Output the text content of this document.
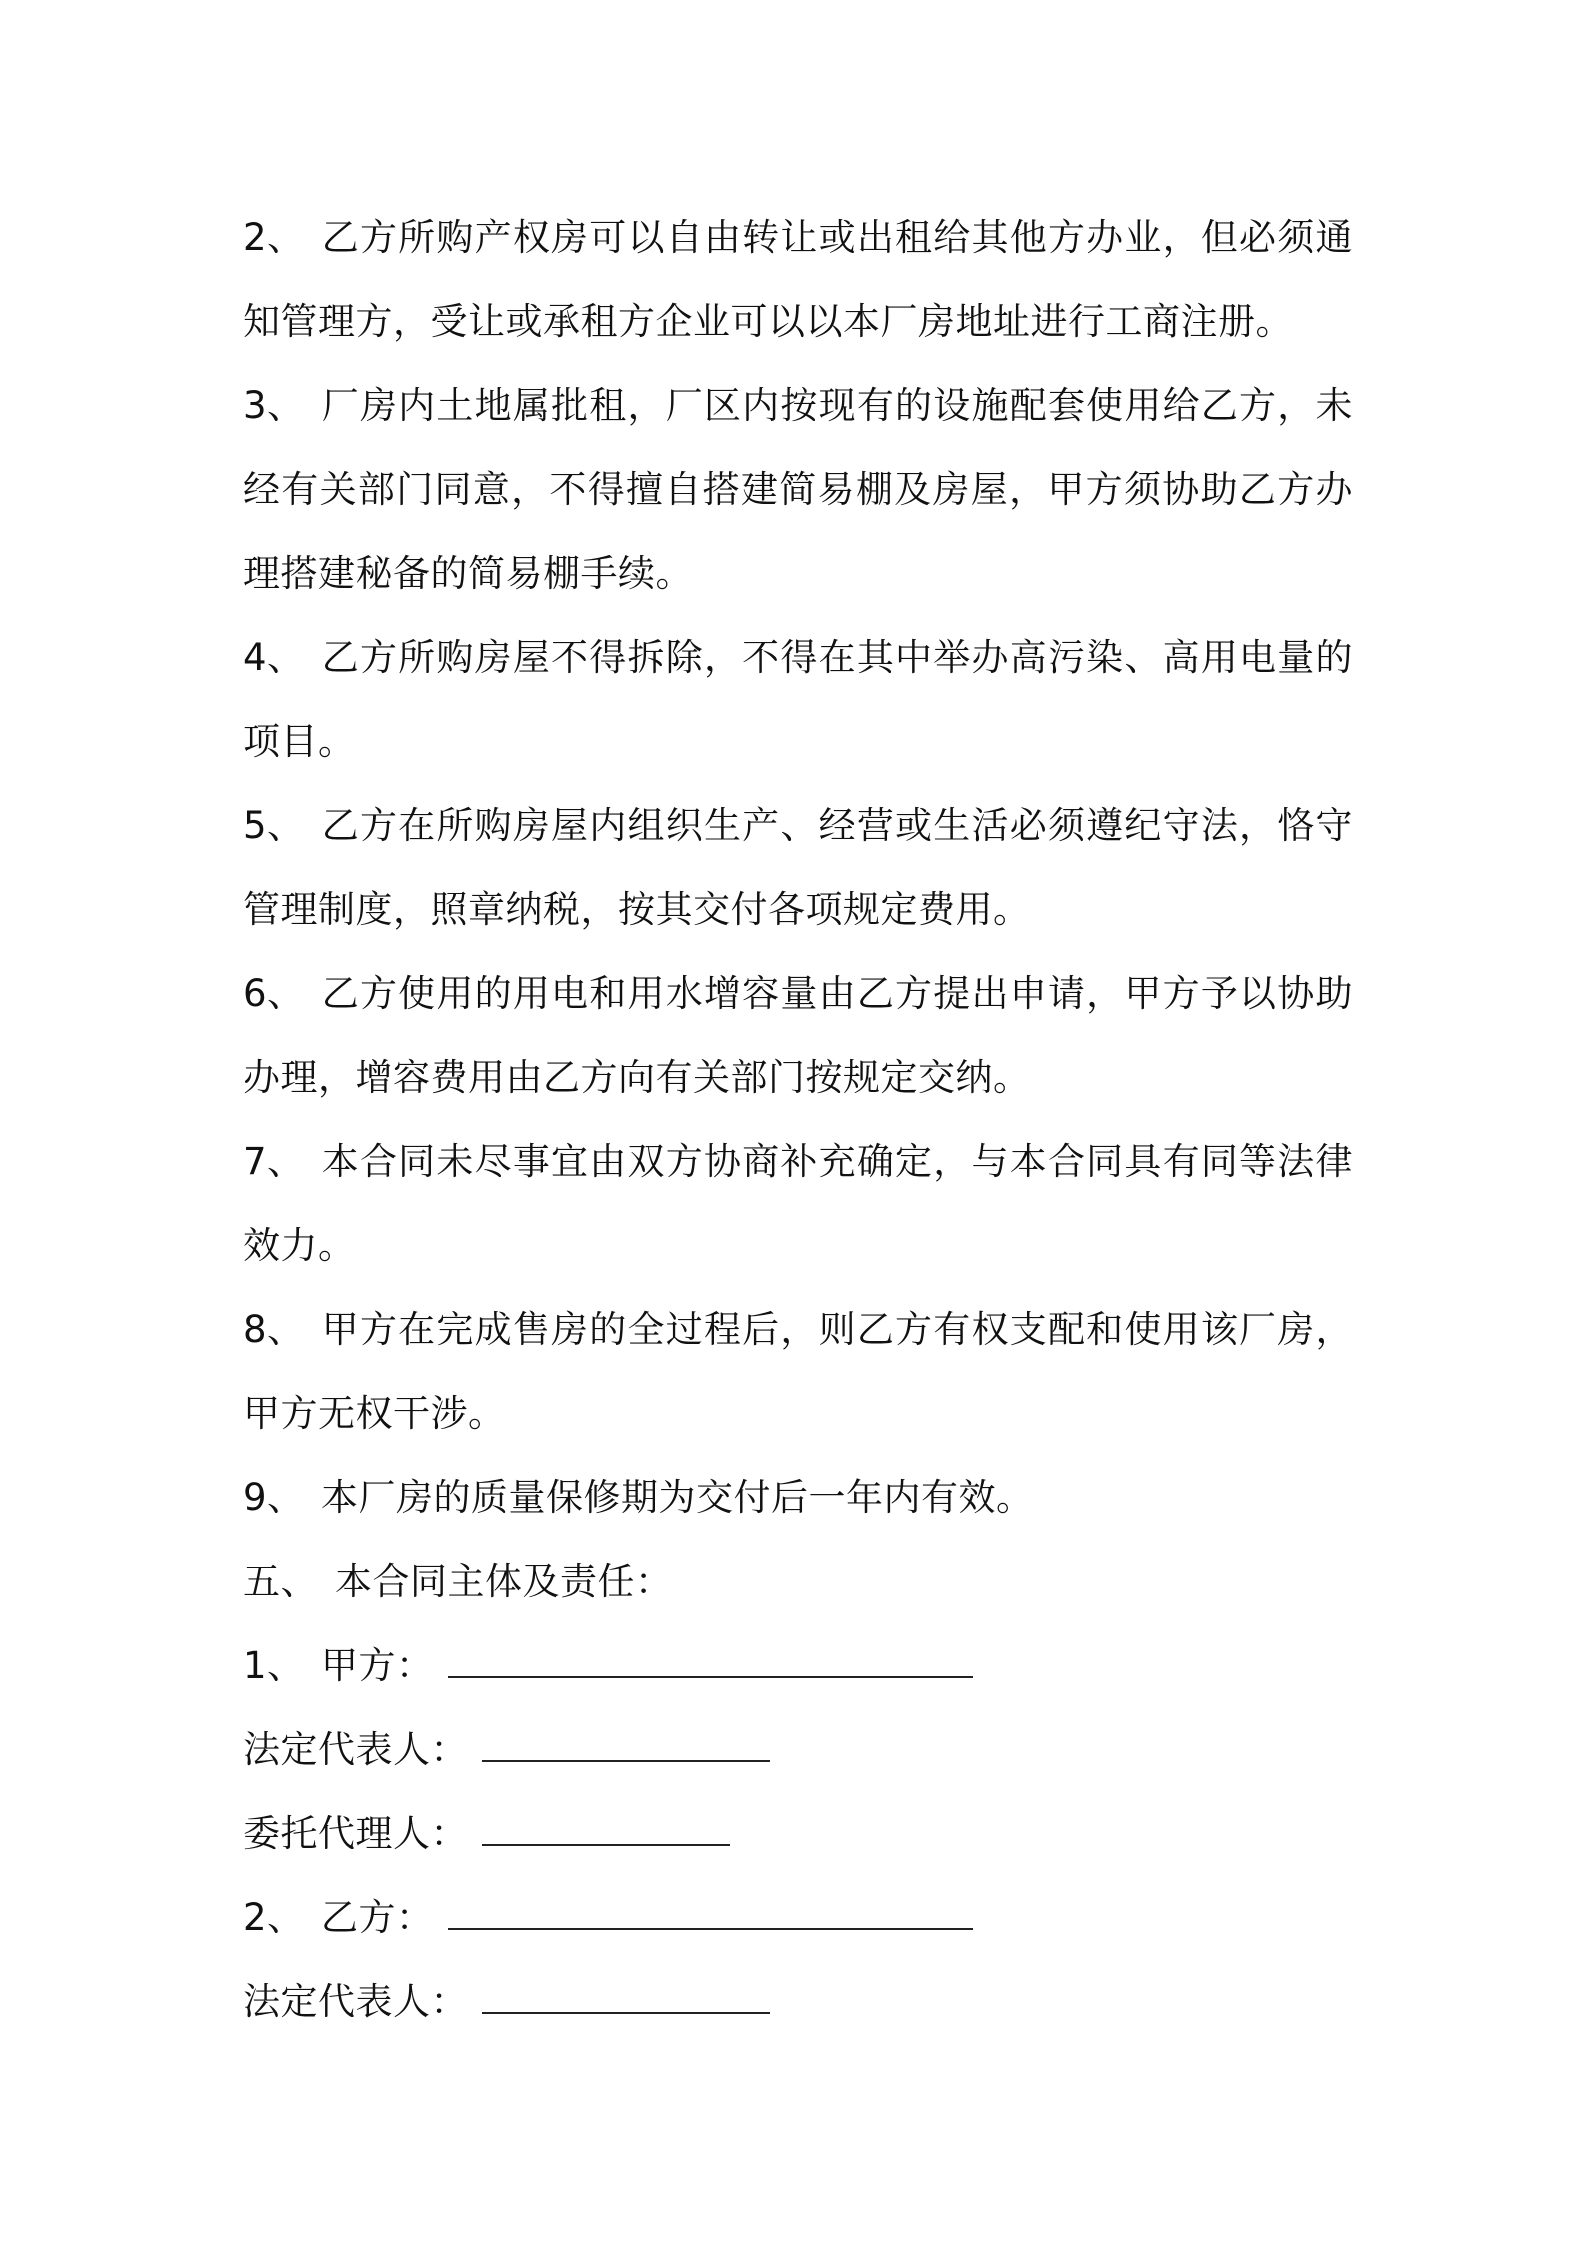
2、 乙方所购产权房可以自由转让或出租给其他方办业，但必须通知管理方，受让或承租方企业可以以本厂房地址进行工商注册。

3、 厂房内土地属批租，厂区内按现有的设施配套使用给乙方，未经有关部门同意，不得擅自搭建简易棚及房屋，甲方须协助乙方办理搭建秘备的简易棚手续。

4、 乙方所购房屋不得拆除，不得在其中举办高污染、高用电量的项目。

5、 乙方在所购房屋内组织生产、经营或生活必须遵纪守法，恪守管理制度，照章纳税，按其交付各项规定费用。

6、 乙方使用的用电和用水增容量由乙方提出申请，甲方予以协助办理，增容费用由乙方向有关部门按规定交纳。

7、 本合同未尽事宜由双方协商补充确定，与本合同具有同等法律效力。

8、 甲方在完成售房的全过程后，则乙方有权支配和使用该厂房，甲方无权干涉。

9、 本厂房的质量保修期为交付后一年内有效。

五、 本合同主体及责任：

1、 甲方：

法定代表人：

委托代理人：

2、 乙方：

法定代表人：
